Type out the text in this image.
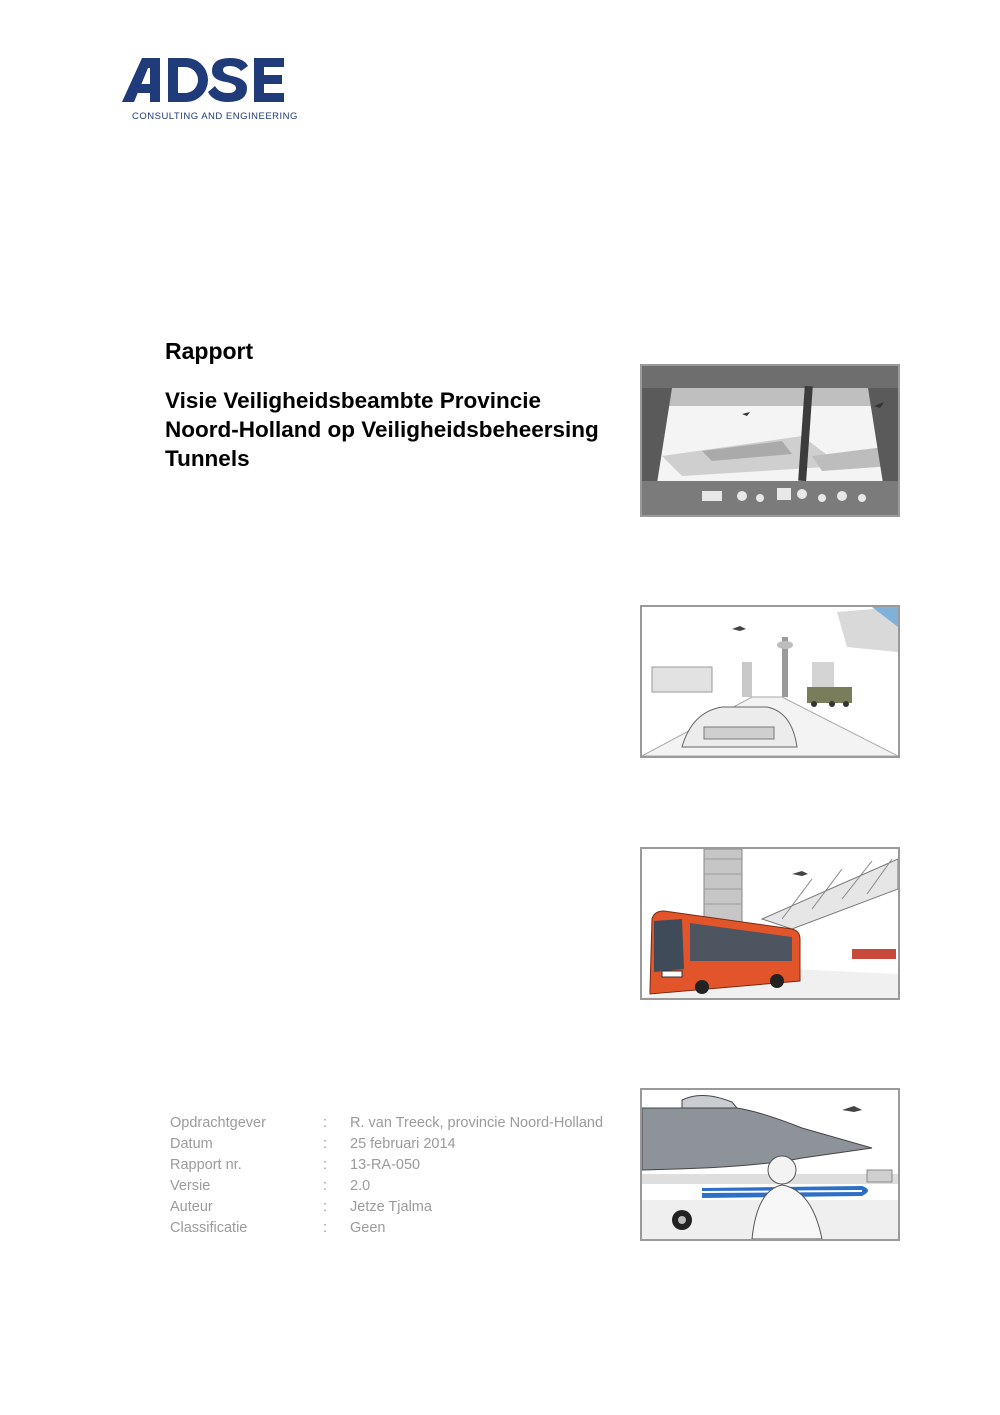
CONSULTING AND ENGINEERING
Rapport
Visie Veiligheidsbeambte Provincie
Noord-Holland op Veiligheidsbeheersing
Tunnels
Opdrachtgever	: R. van Treeck, provincie Noord-Holland
Datum	: 25 februari 2014
Rapport nr.	: 13-RA-050
Versie	: 2.0
Auteur	: Jetze Tjalma
Classificatie	: Geen
